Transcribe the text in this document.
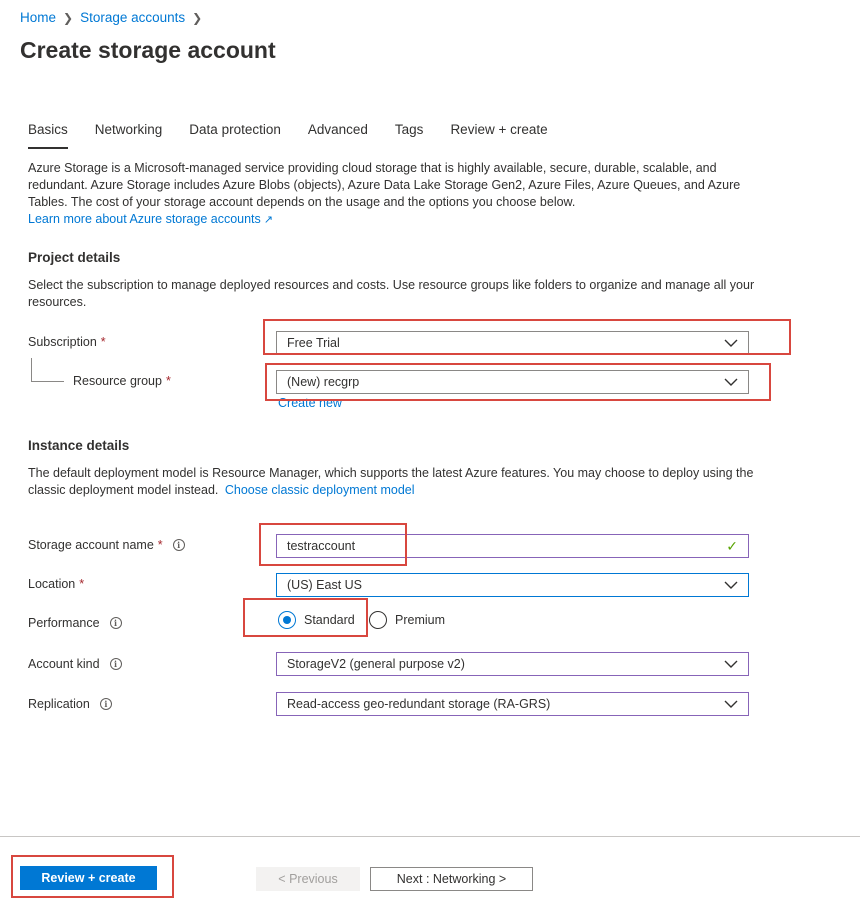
Home ❯ Storage accounts ❯
Create storage account
Basics Networking Data protection Advanced Tags Review + create
Azure Storage is a Microsoft-managed service providing cloud storage that is highly available, secure, durable, scalable, and redundant. Azure Storage includes Azure Blobs (objects), Azure Data Lake Storage Gen2, Azure Files, Azure Queues, and Azure Tables. The cost of your storage account depends on the usage and the options you choose below.
Learn more about Azure storage accounts ↗
Project details
Select the subscription to manage deployed resources and costs. Use resource groups like folders to organize and manage all your resources.
Subscription *	Free Trial
Resource group *	(New) recgrp
Create new
Instance details
The default deployment model is Resource Manager, which supports the latest Azure features. You may choose to deploy using the classic deployment model instead. Choose classic deployment model
Storage account name *	i	testraccount	✓
Location *	(US) East US
Performance	i	Standard	Premium
Account kind	i	StorageV2 (general purpose v2)
Replication	i	Read-access geo-redundant storage (RA-GRS)
Review + create	< Previous	Next : Networking >
